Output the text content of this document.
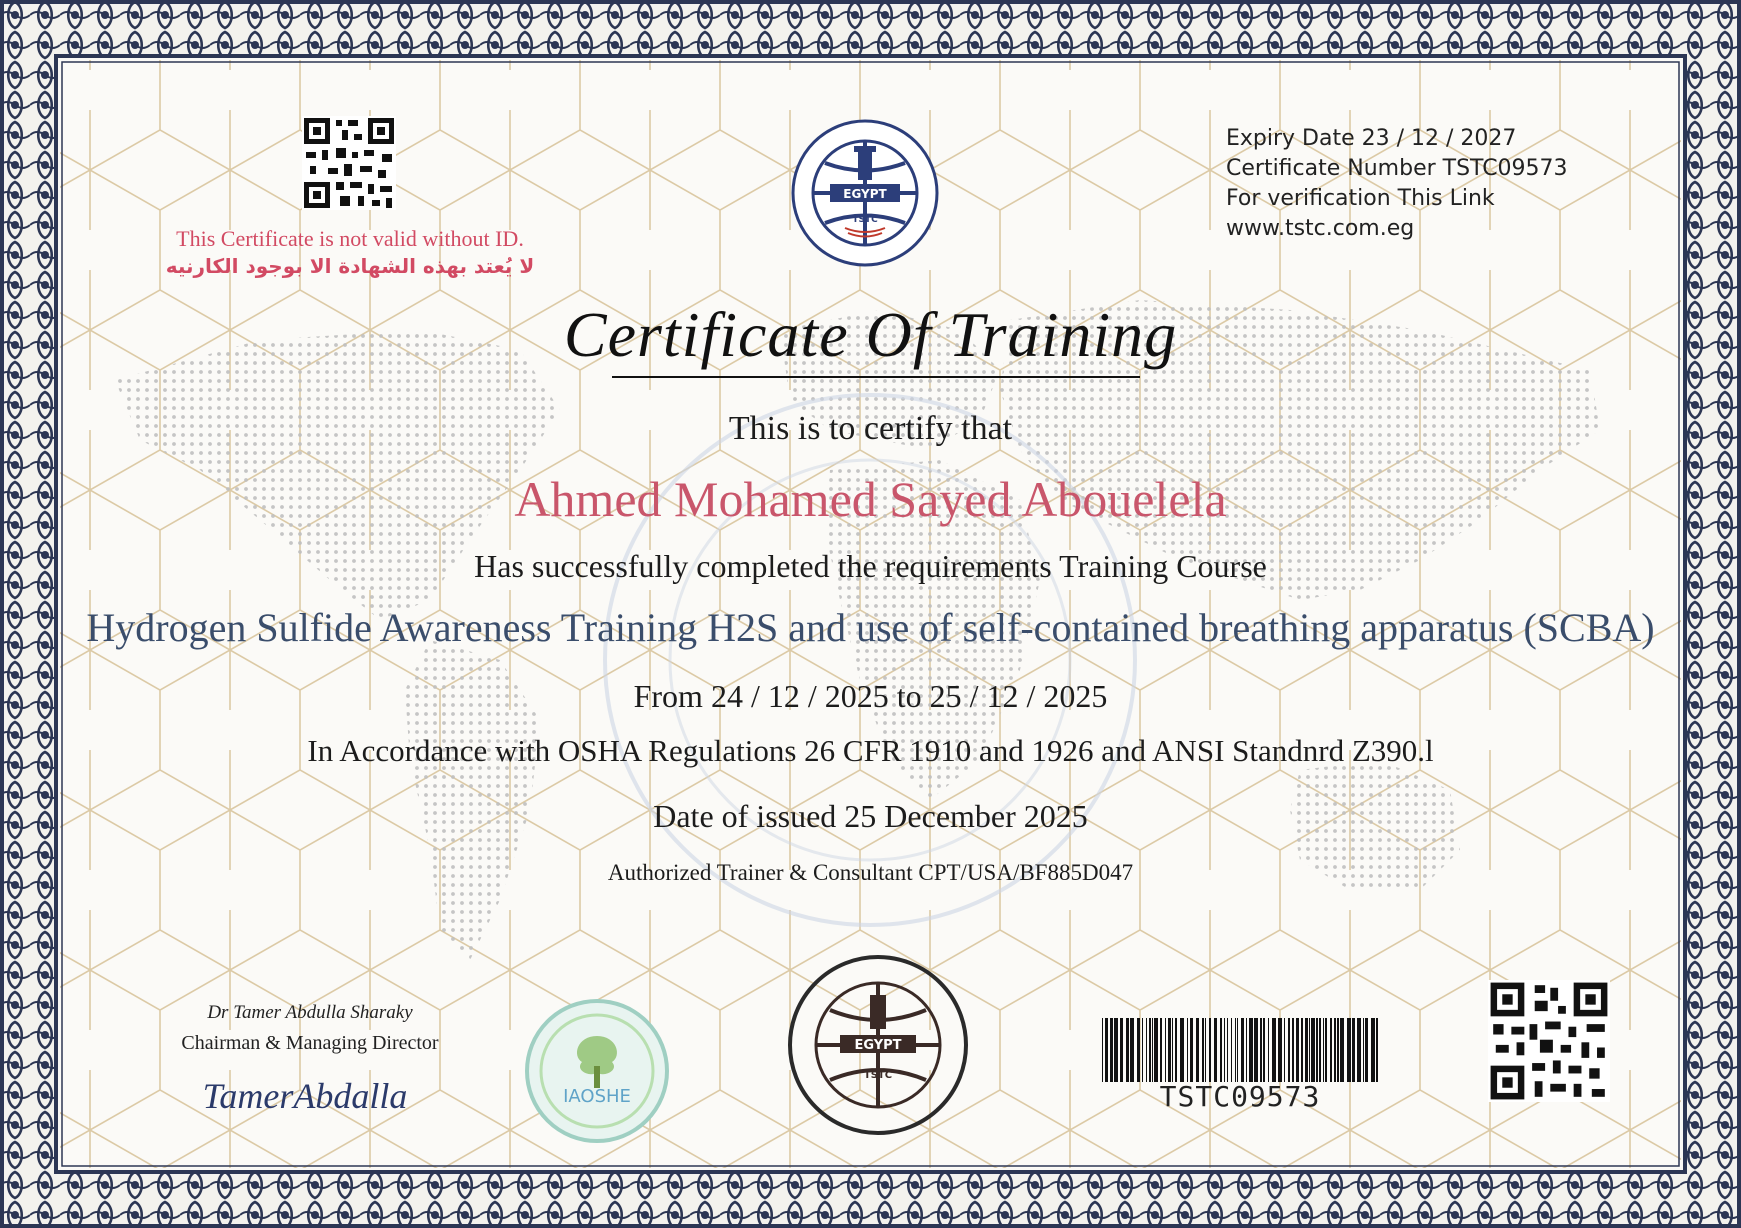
This Certificate is not valid without ID.
لا يُعتد بهذه الشهادة الا بوجود الكارنيه
EGYPT
TSTC
Expiry Date 23 / 12 / 2027
Certificate Number TSTC09573
For verification This Link
www.tstc.com.eg
Certificate Of Training
This is to certify that
Ahmed Mohamed Sayed Abouelela
Has successfully completed the requirements Training Course
Hydrogen Sulfide Awareness Training H2S and use of self-contained breathing apparatus (SCBA)
From 24 / 12 / 2025 to 25 / 12 / 2025
In Accordance with OSHA Regulations 26 CFR 1910 and 1926 and ANSI Standnrd Z390.l
Date of issued 25 December 2025
Authorized Trainer & Consultant CPT/USA/BF885D047
Dr Tamer Abdulla Sharaky
Chairman & Managing Director
TamerAbdalla	IAOSHE
EGYPT
TSTC
TSTC09573
